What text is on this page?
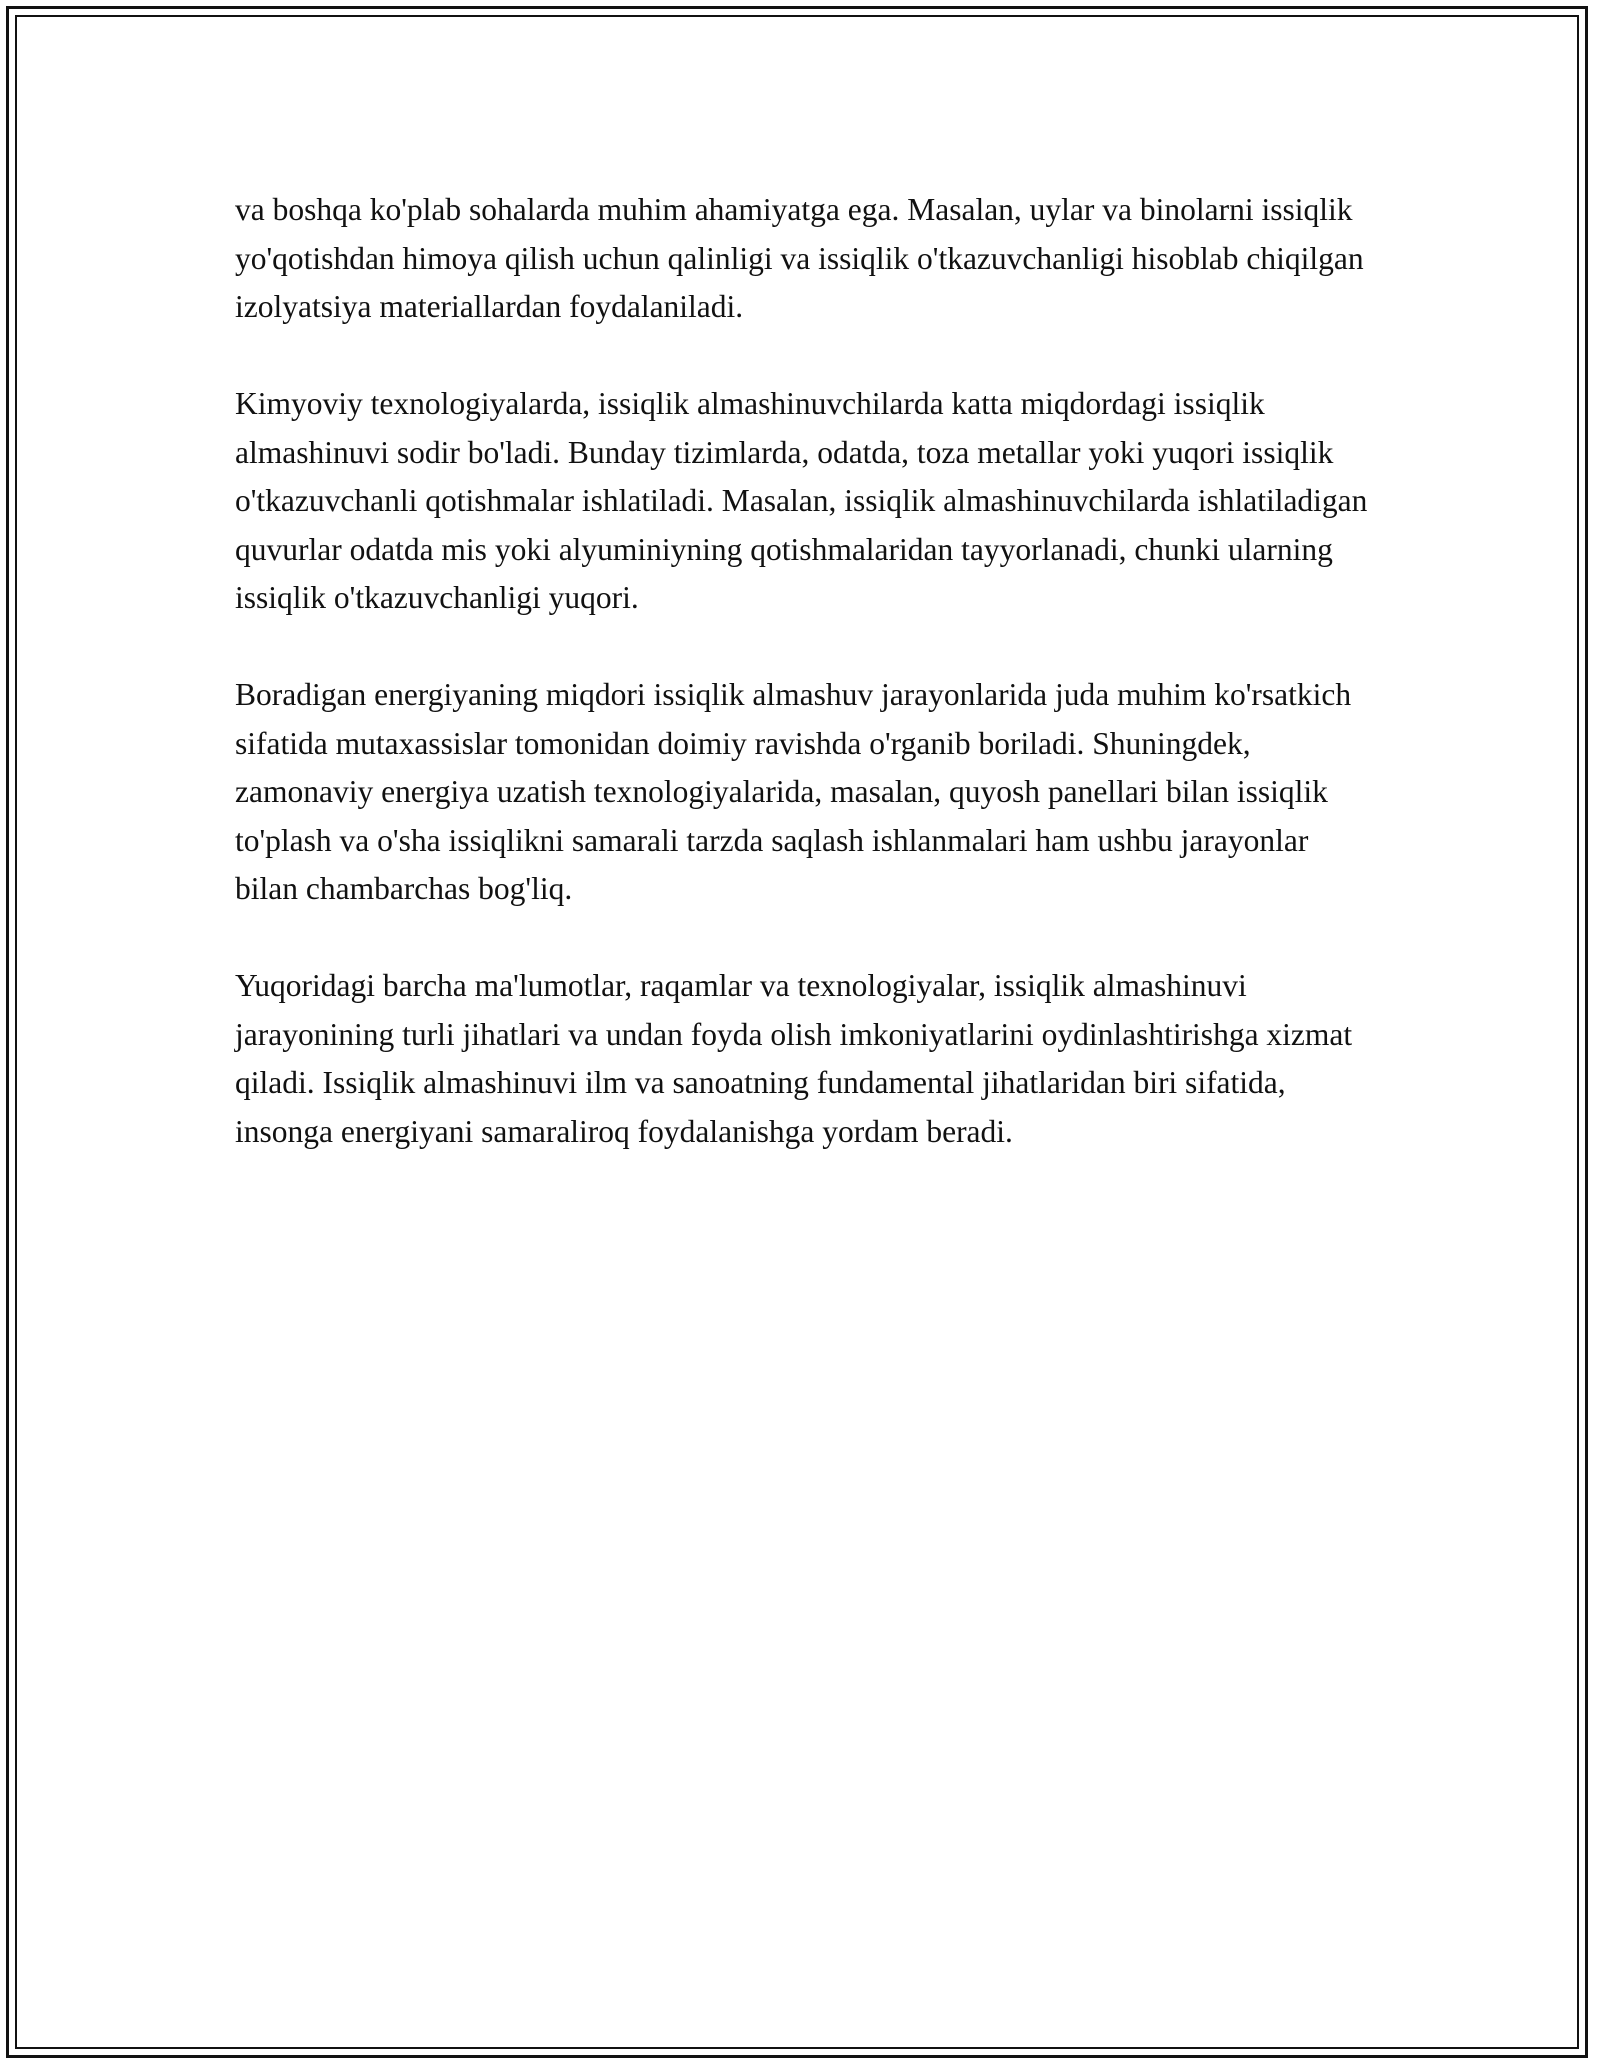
va boshqa ko'plab sohalarda muhim ahamiyatga ega. Masalan, uylar va binolarni issiqlik yo'qotishdan himoya qilish uchun qalinligi va issiqlik o'tkazuvchanligi hisoblab chiqilgan izolyatsiya materiallardan foydalaniladi.

Kimyoviy texnologiyalarda, issiqlik almashinuvchilarda katta miqdordagi issiqlik almashinuvi sodir bo'ladi. Bunday tizimlarda, odatda, toza metallar yoki yuqori issiqlik o'tkazuvchanli qotishmalar ishlatiladi. Masalan, issiqlik almashinuvchilarda ishlatiladigan quvurlar odatda mis yoki alyuminiyning qotishmalaridan tayyorlanadi, chunki ularning issiqlik o'tkazuvchanligi yuqori.

Boradigan energiyaning miqdori issiqlik almashuv jarayonlarida juda muhim ko'rsatkich sifatida mutaxassislar tomonidan doimiy ravishda o'rganib boriladi. Shuningdek, zamonaviy energiya uzatish texnologiyalarida, masalan, quyosh panellari bilan issiqlik to'plash va o'sha issiqlikni samarali tarzda saqlash ishlanmalari ham ushbu jarayonlar bilan chambarchas bog'liq.

Yuqoridagi barcha ma'lumotlar, raqamlar va texnologiyalar, issiqlik almashinuvi jarayonining turli jihatlari va undan foyda olish imkoniyatlarini oydinlashtirishga xizmat qiladi. Issiqlik almashinuvi ilm va sanoatning fundamental jihatlaridan biri sifatida, insonga energiyani samaraliroq foydalanishga yordam beradi.
